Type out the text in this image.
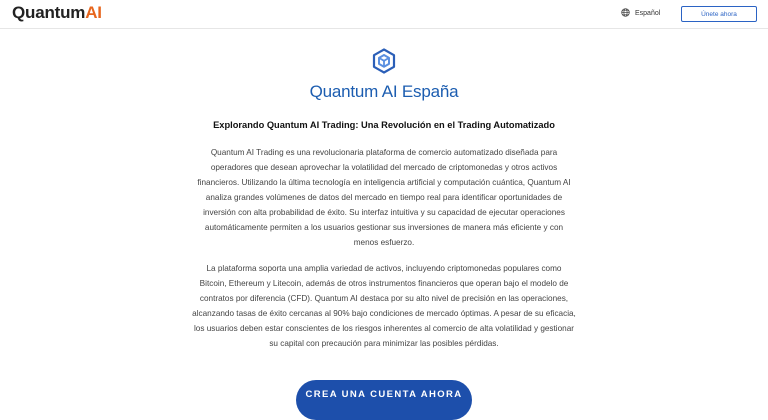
QuantumAI	Español	Únete ahora
Quantum AI España
Explorando Quantum AI Trading: Una Revolución en el Trading Automatizado
Quantum AI Trading es una revolucionaria plataforma de comercio automatizado diseñada para operadores que desean aprovechar la volatilidad del mercado de criptomonedas y otros activos financieros. Utilizando la última tecnología en inteligencia artificial y computación cuántica, Quantum AI analiza grandes volúmenes de datos del mercado en tiempo real para identificar oportunidades de inversión con alta probabilidad de éxito. Su interfaz intuitiva y su capacidad de ejecutar operaciones automáticamente permiten a los usuarios gestionar sus inversiones de manera más eficiente y con menos esfuerzo.
La plataforma soporta una amplia variedad de activos, incluyendo criptomonedas populares como Bitcoin, Ethereum y Litecoin, además de otros instrumentos financieros que operan bajo el modelo de contratos por diferencia (CFD). Quantum AI destaca por su alto nivel de precisión en las operaciones, alcanzando tasas de éxito cercanas al 90% bajo condiciones de mercado óptimas. A pesar de su eficacia, los usuarios deben estar conscientes de los riesgos inherentes al comercio de alta volatilidad y gestionar su capital con precaución para minimizar las posibles pérdidas.
CREA UNA CUENTA AHORA
